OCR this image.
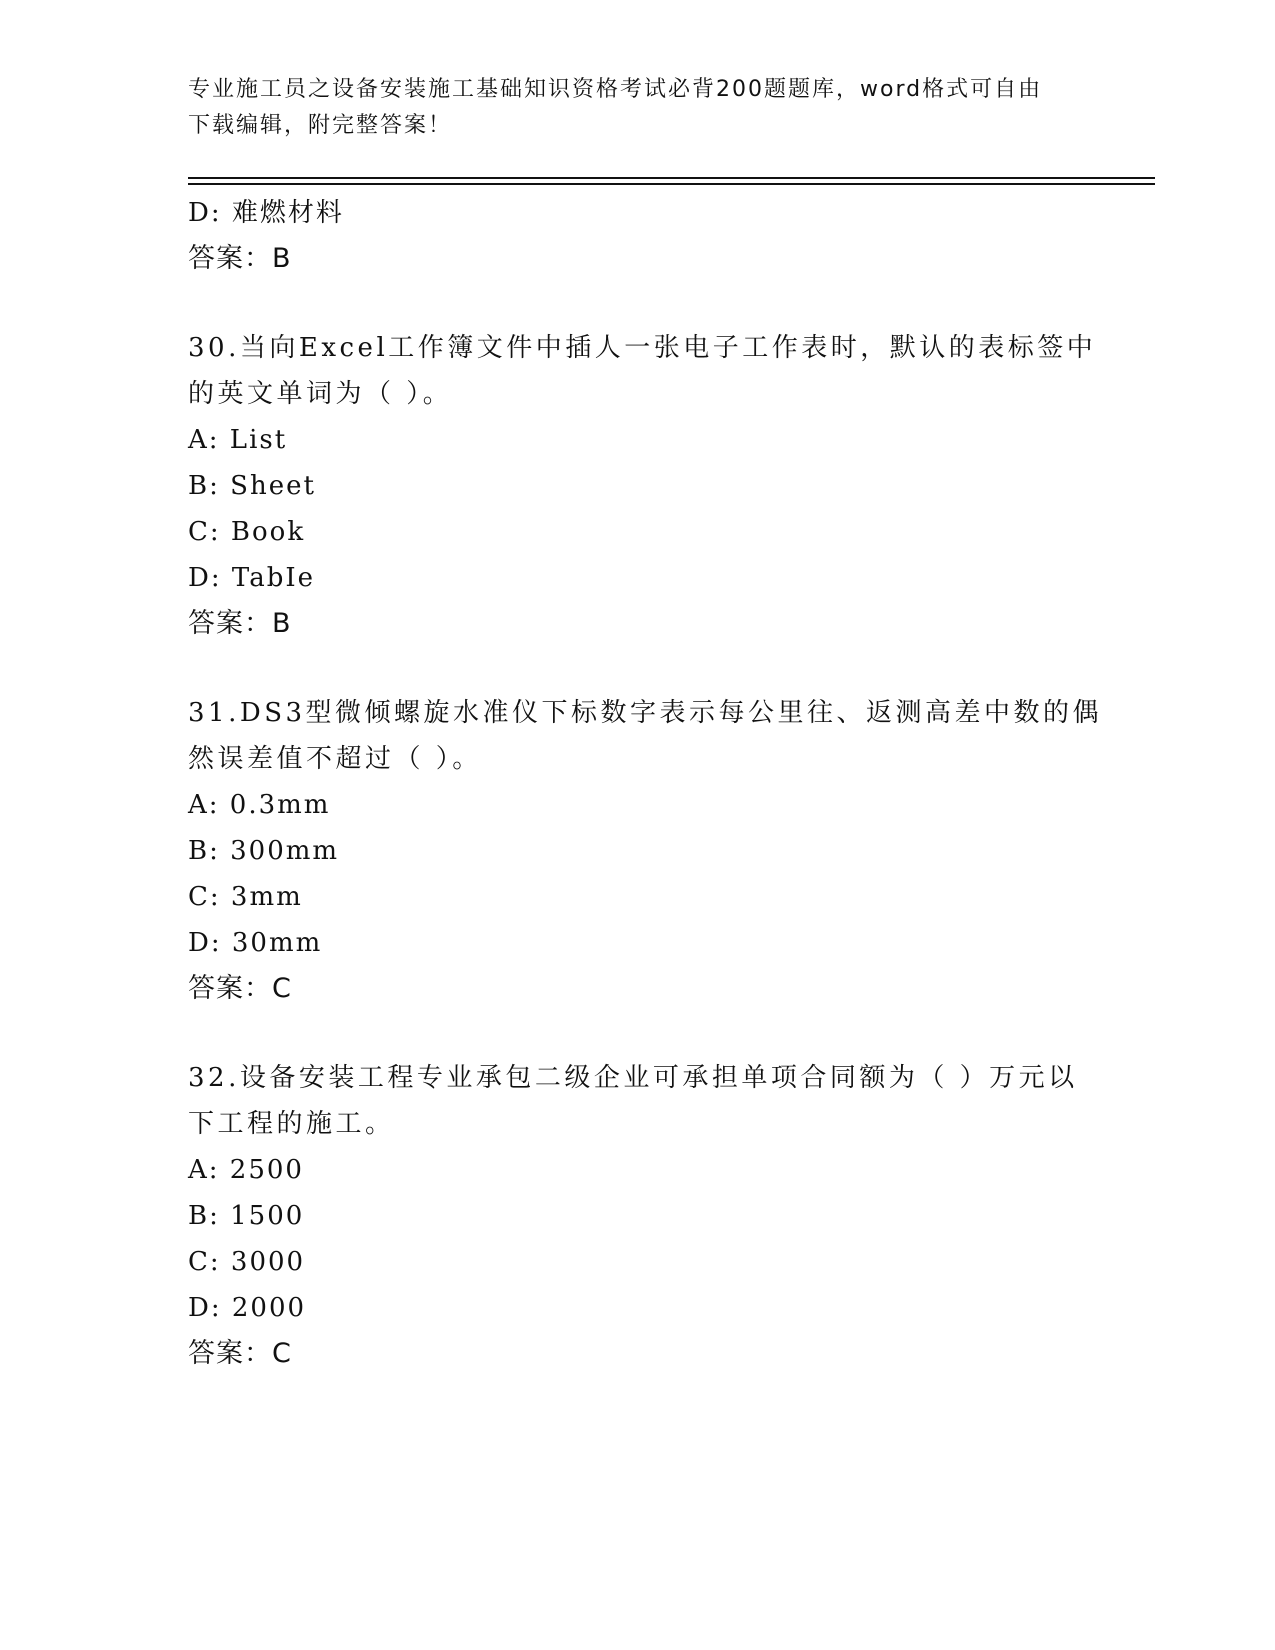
专业施工员之设备安装施工基础知识资格考试必背200题题库，word格式可自由
下载编辑，附完整答案！
D: 难燃材料
答案：B
30.当向Excel工作簿文件中插人一张电子工作表时，默认的表标签中
的英文单词为（ ）。
A: List
B: Sheet
C: Book
D: TabIe
答案：B
31.DS3型微倾螺旋水准仪下标数字表示每公里往、返测高差中数的偶
然误差值不超过（ ）。
A: 0.3mm
B: 300mm
C: 3mm
D: 30mm
答案：C
32.设备安装工程专业承包二级企业可承担单项合同额为（ ）万元以
下工程的施工。
A: 2500
B: 1500
C: 3000
D: 2000
答案：C
